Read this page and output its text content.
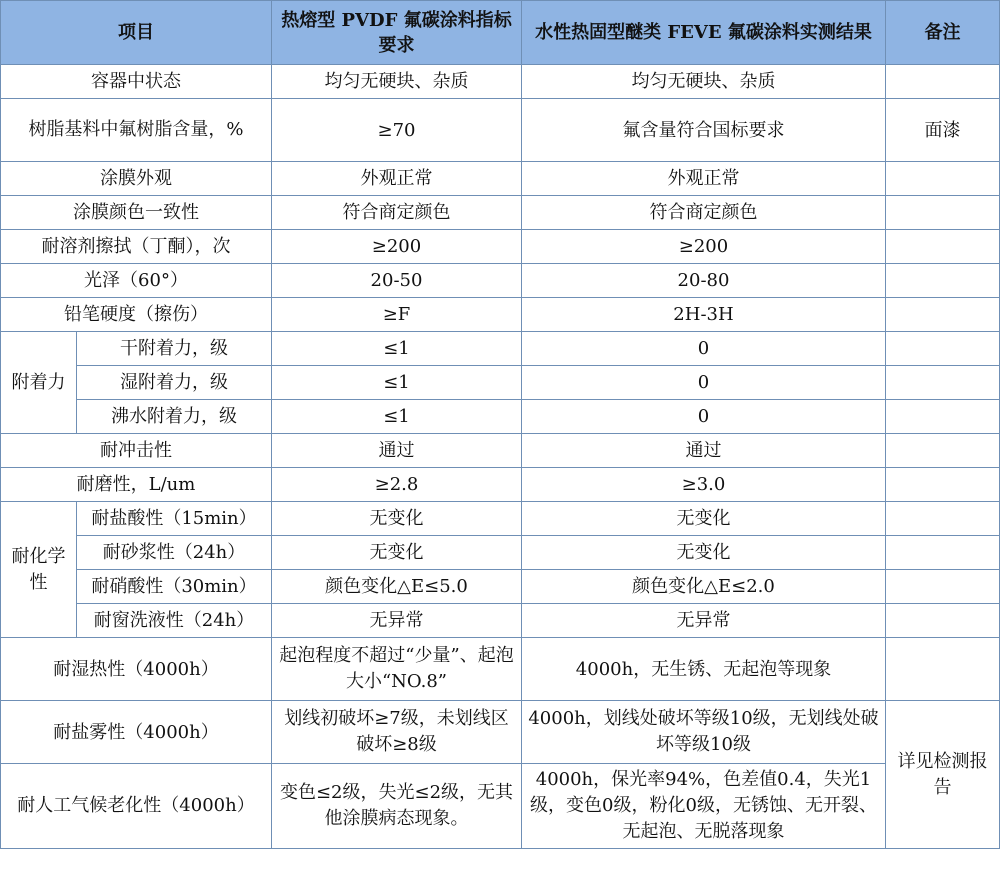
项目		热熔型 PVDF 氟碳涂料指标要求	水性热固型醚类 FEVE 氟碳涂料实测结果	备注
容器中状态		均匀无硬块、杂质	均匀无硬块、杂质	
树脂基料中氟树脂含量，%		≥70	氟含量符合国标要求	面漆
涂膜外观		外观正常	外观正常	
涂膜颜色一致性		符合商定颜色	符合商定颜色	
耐溶剂擦拭（丁酮），次		≥200	≥200	
光泽（60°）		20-50	20-80	
铅笔硬度（擦伤）		≥F	2H-3H	
附着力	干附着力，级	≤1	0	
	湿附着力，级	≤1	0	
	沸水附着力，级	≤1	0	
耐冲击性		通过	通过	
耐磨性，L/um		≥2.8	≥3.0	
耐化学性	耐盐酸性（15min）	无变化	无变化	
	耐砂浆性（24h）	无变化	无变化	
	耐硝酸性（30min）	颜色变化△E≤5.0	颜色变化△E≤2.0	
	耐窗洗液性（24h）	无异常	无异常	
耐湿热性（4000h）		起泡程度不超过“少量”、起泡大小“NO.8”	4000h，无生锈、无起泡等现象	
耐盐雾性（4000h）		划线初破坏≥7级，未划线区破坏≥8级	4000h，划线处破坏等级10级，无划线处破坏等级10级	详见检测报告
耐人工气候老化性（4000h）		变色≤2级，失光≤2级，无其他涂膜病态现象。	4000h，保光率94%，色差值0.4，失光1级，变色0级，粉化0级，无锈蚀、无开裂、无起泡、无脱落现象	
